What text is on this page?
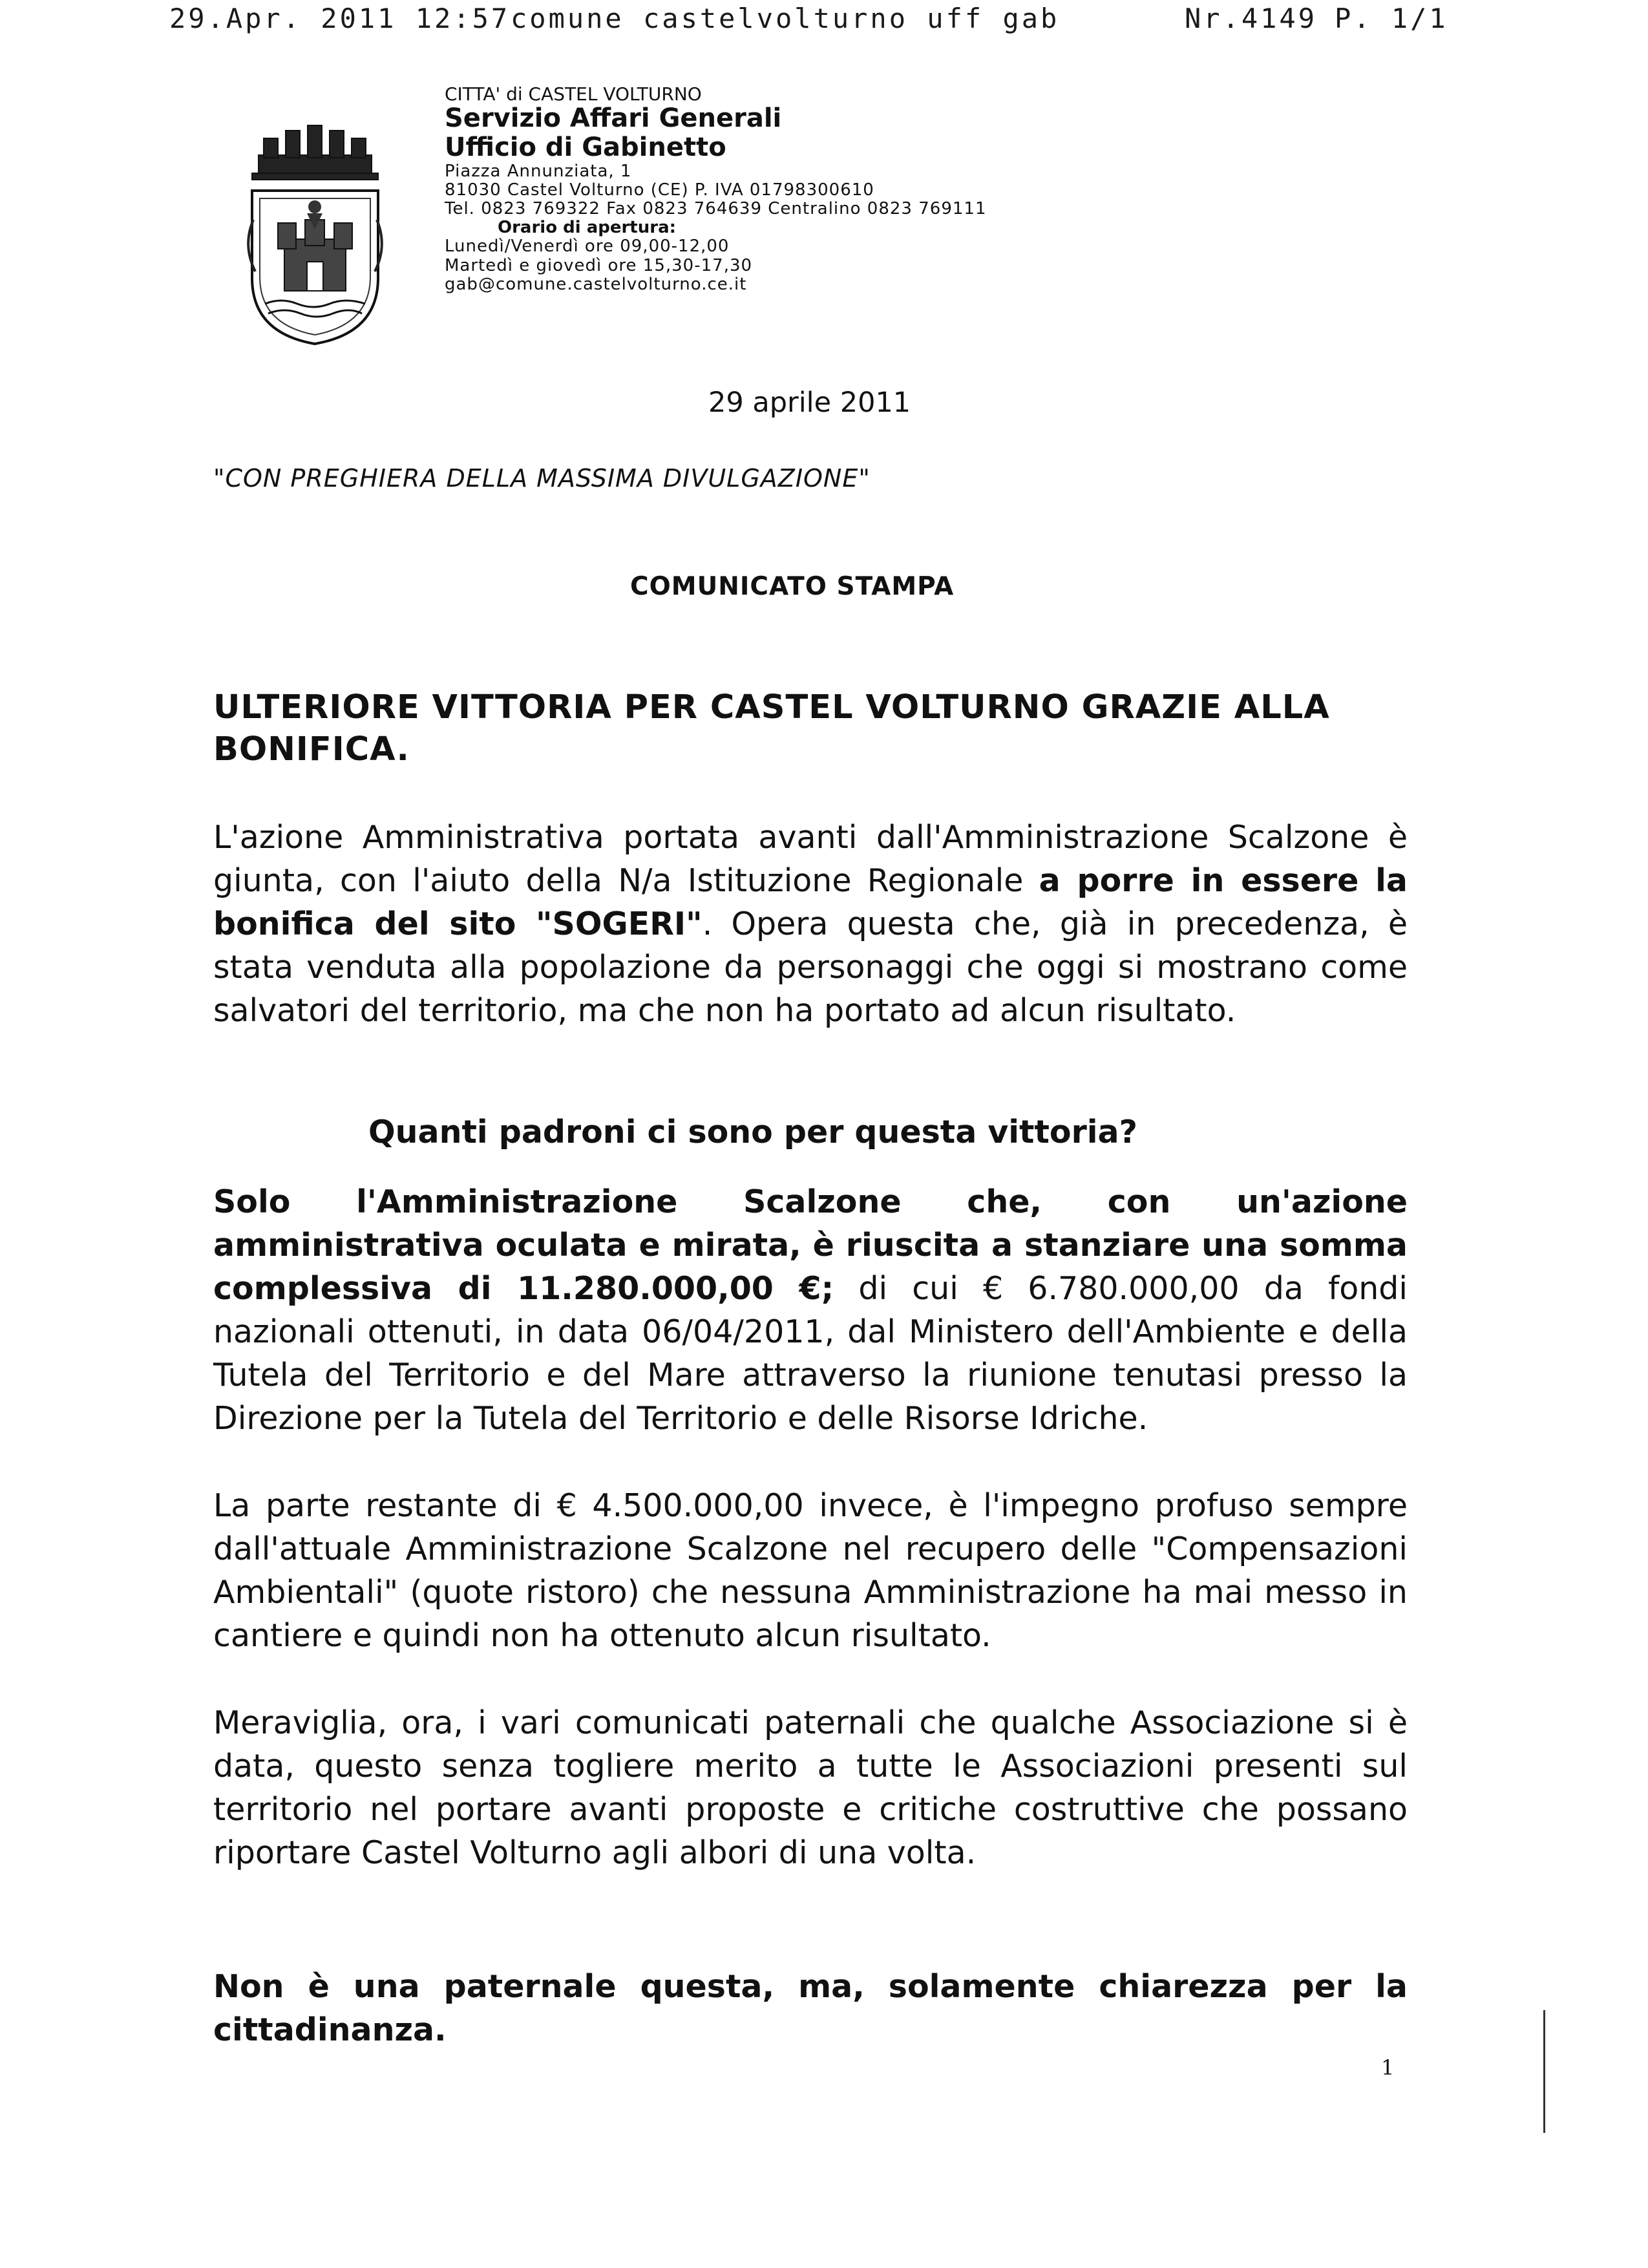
29.Apr. 2011 12:57 comune castelvolturno uff gab	Nr.4149 P. 1/1
CITTA' di CASTEL VOLTURNO
Servizio Affari Generali
Ufficio di Gabinetto
Piazza Annunziata, 1
81030 Castel Volturno (CE) P. IVA 01798300610
Tel. 0823 769322 Fax 0823 764639 Centralino 0823 769111
Orario di apertura:
Lunedì/Venerdì ore 09,00-12,00
Martedì e giovedì ore 15,30-17,30
gab@comune.castelvolturno.ce.it
29 aprile 2011
"CON PREGHIERA DELLA MASSIMA DIVULGAZIONE"
COMUNICATO STAMPA
ULTERIORE VITTORIA PER CASTEL VOLTURNO GRAZIE ALLA BONIFICA.

L'azione Amministrativa portata avanti dall'Amministrazione Scalzone è giunta, con l'aiuto della N/a Istituzione Regionale a porre in essere la bonifica del sito "SOGERI". Opera questa che, già in precedenza, è stata venduta alla popolazione da personaggi che oggi si mostrano come salvatori del territorio, ma che non ha portato ad alcun risultato.

Quanti padroni ci sono per questa vittoria?

Solo l'Amministrazione Scalzone che, con un'azione amministrativa oculata e mirata, è riuscita a stanziare una somma complessiva di 11.280.000,00 €; di cui € 6.780.000,00 da fondi nazionali ottenuti, in data 06/04/2011, dal Ministero dell'Ambiente e della Tutela del Territorio e del Mare attraverso la riunione tenutasi presso la Direzione per la Tutela del Territorio e delle Risorse Idriche.

La parte restante di € 4.500.000,00 invece, è l'impegno profuso sempre dall'attuale Amministrazione Scalzone nel recupero delle "Compensazioni Ambientali" (quote ristoro) che nessuna Amministrazione ha mai messo in cantiere e quindi non ha ottenuto alcun risultato.

Meraviglia, ora, i vari comunicati paternali che qualche Associazione si è data, questo senza togliere merito a tutte le Associazioni presenti sul territorio nel portare avanti proposte e critiche costruttive che possano riportare Castel Volturno agli albori di una volta.

Non è una paternale questa, ma, solamente chiarezza per la cittadinanza.

1
